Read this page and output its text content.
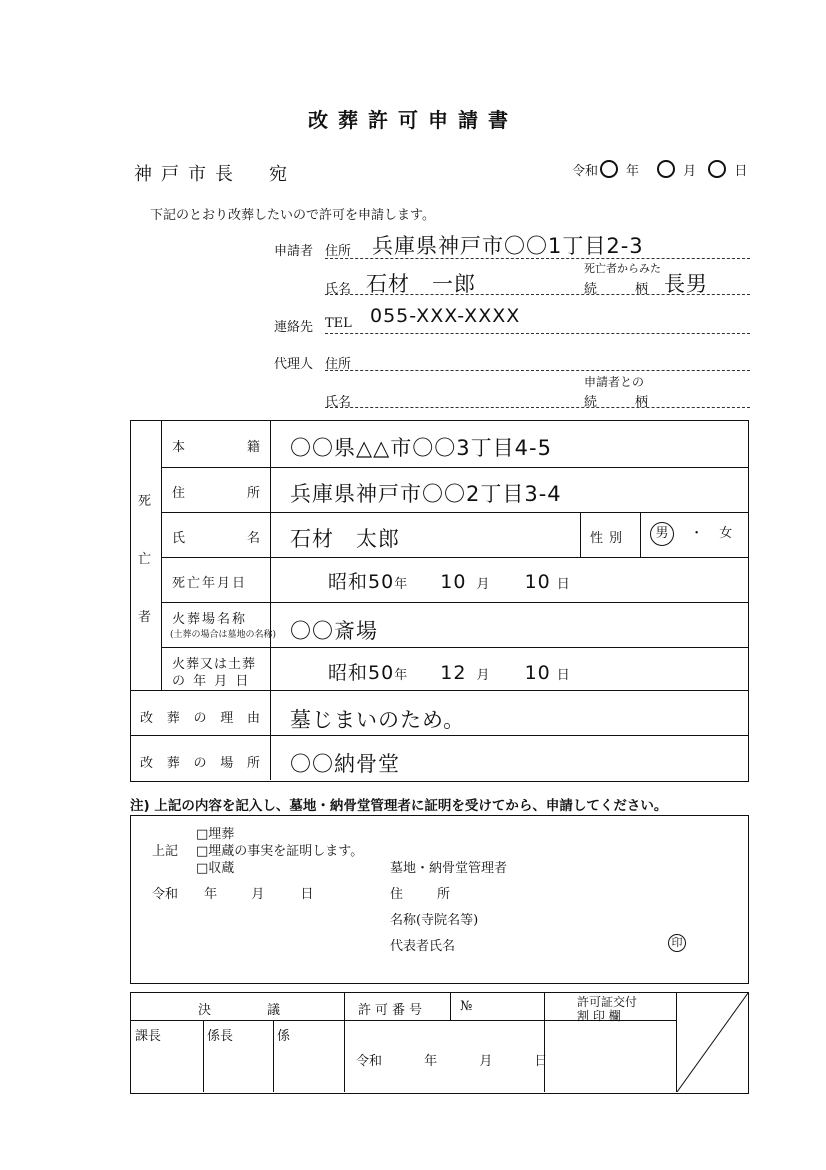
改葬許可申請書
神戸市長　宛	令和 年	月	日
下記のとおり改葬したいので許可を申請します。
申請者 住所 兵庫県神戸市〇〇1丁目2-3
氏名 石材　一郎
死亡者からみた
続	柄 長男
連絡先 TEL 055-XXX-XXXX
代理人 住所
申請者との
氏名	続	柄
死
亡
者
本	籍 〇〇県△△市〇〇3丁目4-5
住	所 兵庫県神戸市〇〇2丁目3-4
氏	名 石材　太郎	性別	男 ・ 女
死亡年月日	昭和50年 10 月 10 日
火葬場名称
(土葬の場合は墓地の名称) 〇〇斎場
火葬又は土葬
の 年 月 日	昭和50年 12 月 10 日
改 葬 の 理 由 墓じまいのため。
改 葬 の 場 所 〇〇納骨堂
注) 上記の内容を記入し、墓地・納骨堂管理者に証明を受けてから、申請してください。
上記
□埋葬
□埋蔵の事実を証明します。
□収蔵
令和 年	月	日
墓地・納骨堂管理者
住	所
名称(寺院名等)
代表者氏名	印
決	議	許可番号	№	許可証交付
割 印 欄
課長	係長	係
令和	年	月	日
